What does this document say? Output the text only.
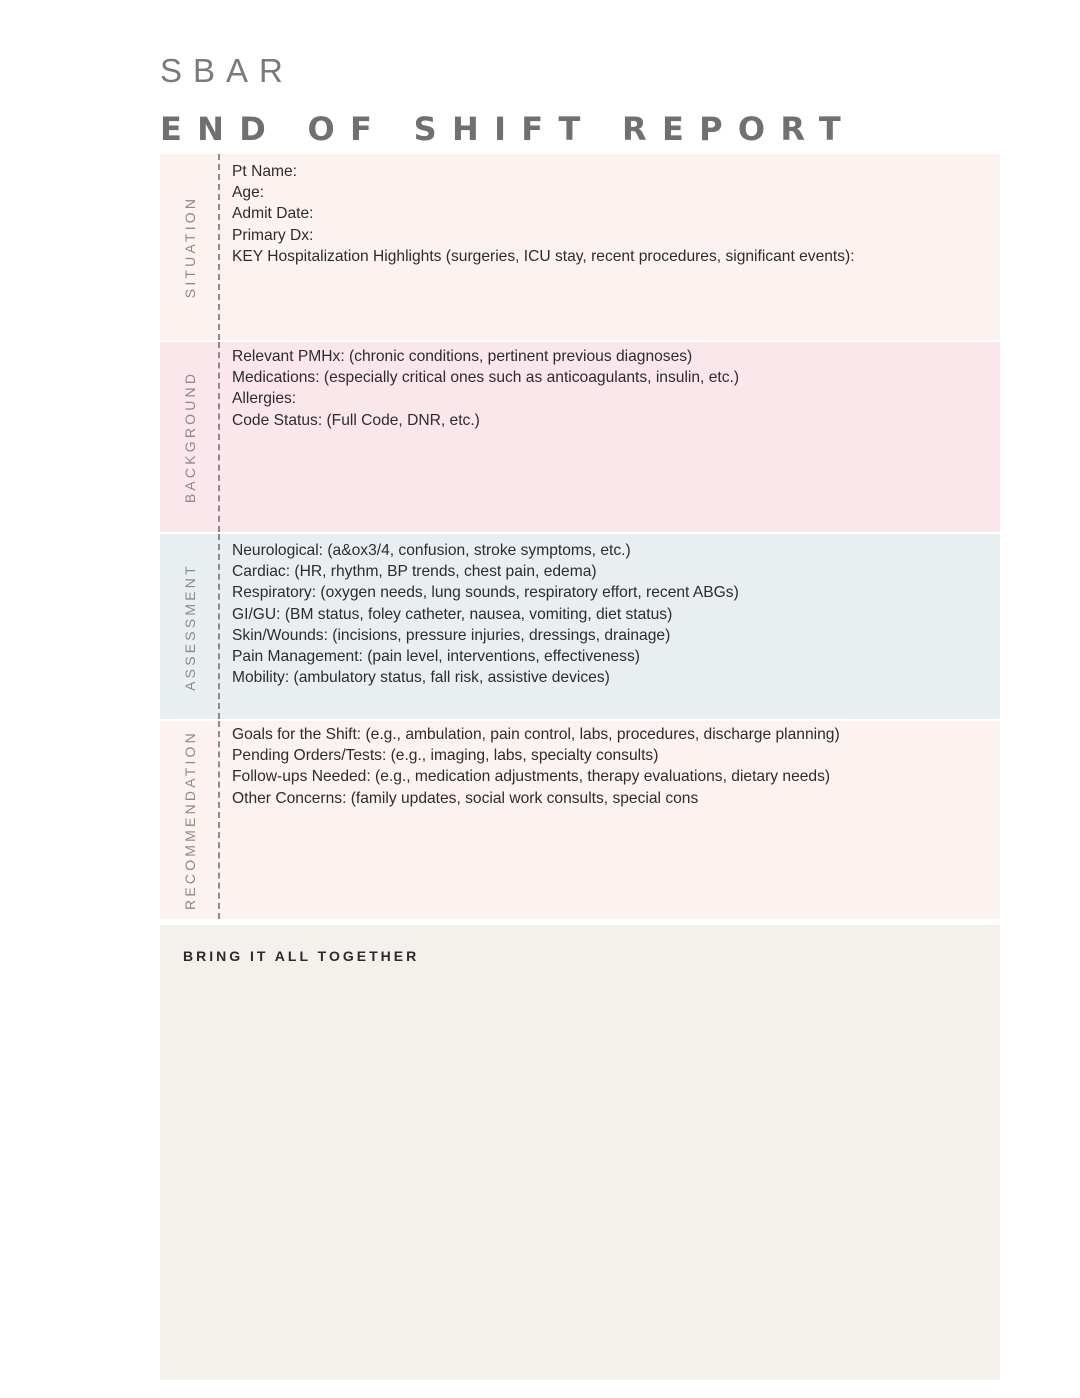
SBAR
END OF SHIFT REPORT
SITUATION
Pt Name:
Age:
Admit Date:
Primary Dx:
KEY Hospitalization Highlights (surgeries, ICU stay, recent procedures, significant events):
BACKGROUND
Relevant PMHx: (chronic conditions, pertinent previous diagnoses)
Medications: (especially critical ones such as anticoagulants, insulin, etc.)
Allergies:
Code Status: (Full Code, DNR, etc.)
ASSESSMENT
Neurological: (a&ox3/4, confusion, stroke symptoms, etc.)
Cardiac: (HR, rhythm, BP trends, chest pain, edema)
Respiratory: (oxygen needs, lung sounds, respiratory effort, recent ABGs)
GI/GU: (BM status, foley catheter, nausea, vomiting, diet status)
Skin/Wounds: (incisions, pressure injuries, dressings, drainage)
Pain Management: (pain level, interventions, effectiveness)
Mobility: (ambulatory status, fall risk, assistive devices)
RECOMMENDATION Goals for the Shift: (e.g., ambulation, pain control, labs, procedures, discharge planning)
Pending Orders/Tests: (e.g., imaging, labs, specialty consults)
Follow-ups Needed: (e.g., medication adjustments, therapy evaluations, dietary needs)
Other Concerns: (family updates, social work consults, special cons
BRING IT ALL TOGETHER
